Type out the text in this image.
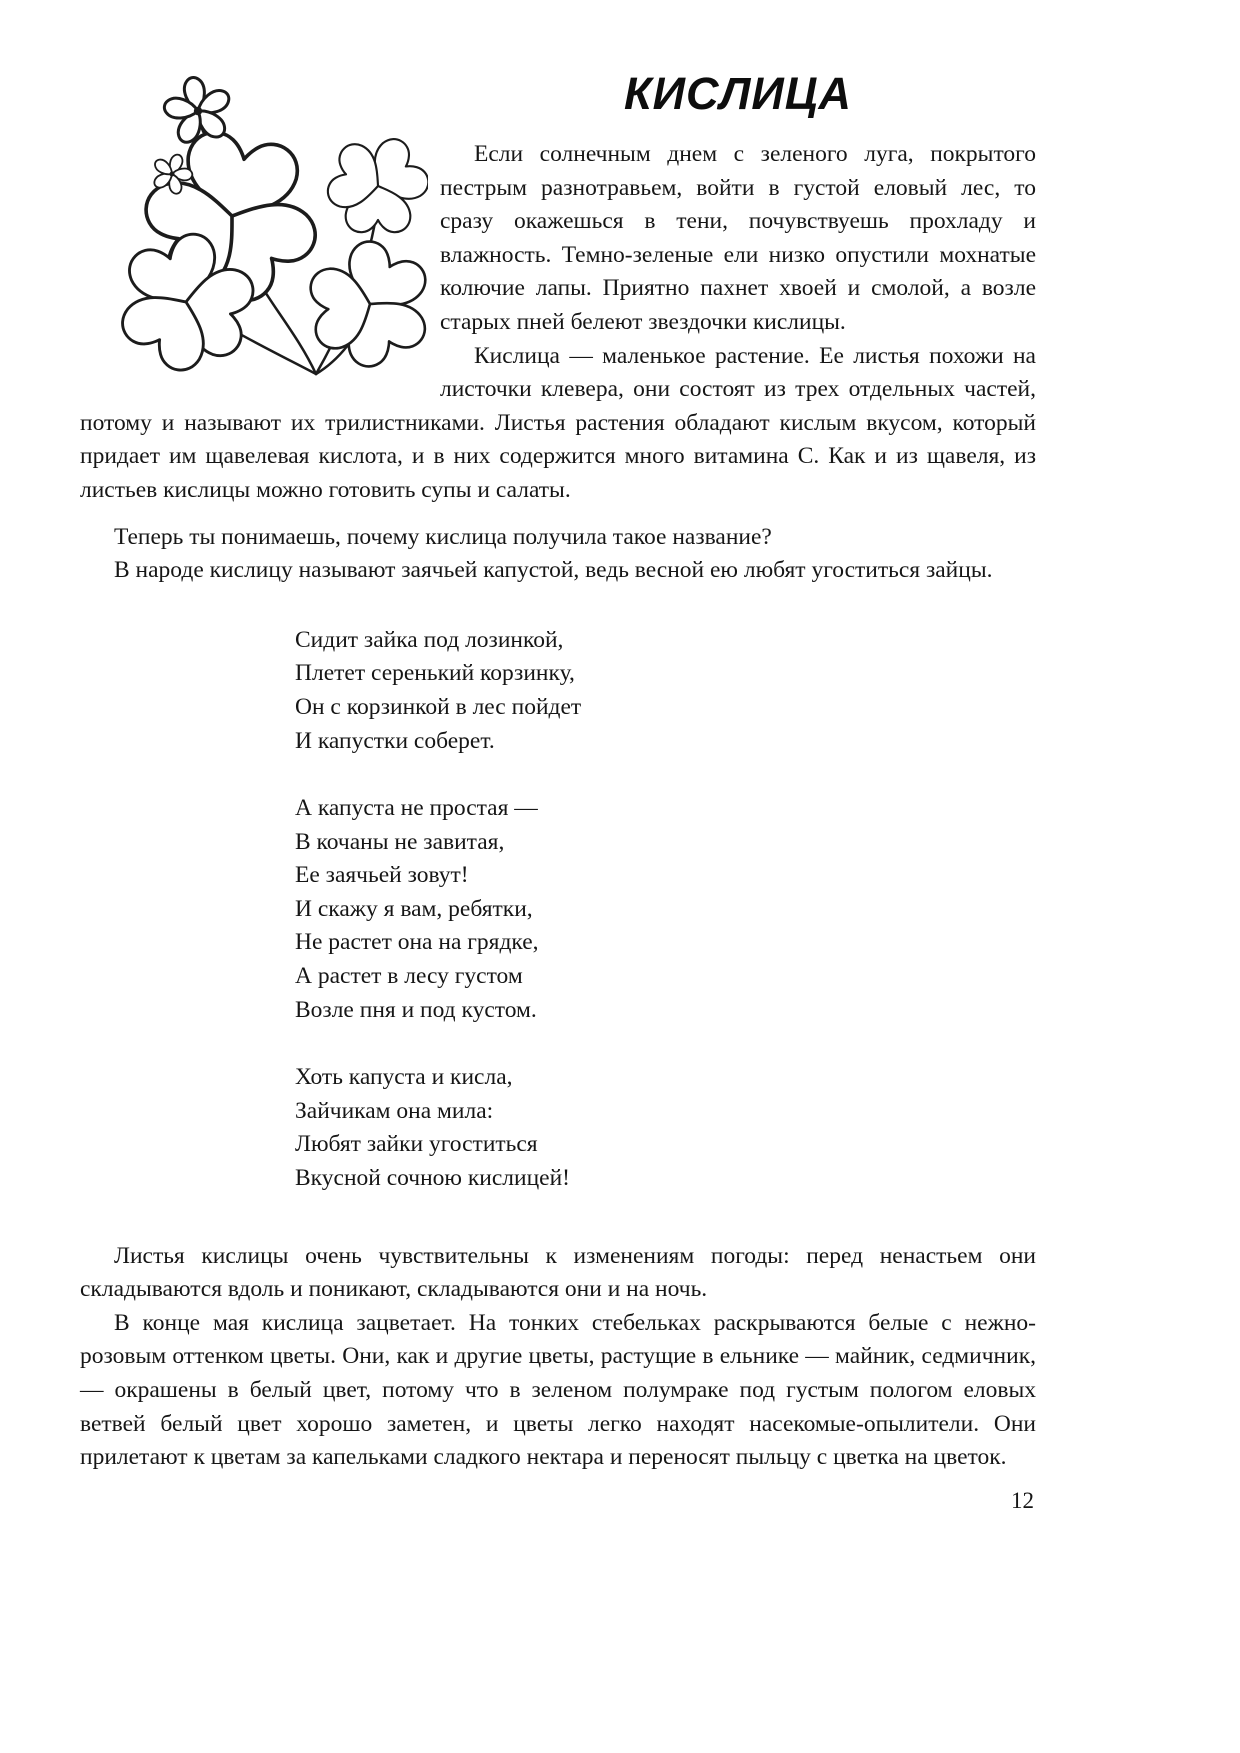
КИСЛИЦА

Если солнечным днем с зеленого луга, покрытого пестрым разнотравьем, войти в густой еловый лес, то сразу окажешься в тени, почувствуешь прохладу и влажность. Темно-зеленые ели низко опустили мохнатые колючие лапы. Приятно пахнет хвоей и смолой, а возле старых пней белеют звездочки кислицы.

Кислица — маленькое растение. Ее листья похожи на листочки клевера, они состоят из трех отдельных частей, потому и называют их трилистниками. Листья растения обладают кислым вкусом, который придает им щавелевая кислота, и в них содержится много витамина С. Как и из щавеля, из листьев кислицы можно готовить супы и салаты.

Теперь ты понимаешь, почему кислица получила такое название?

В народе кислицу называют заячьей капустой, ведь весной ею любят угоститься зайцы.

Сидит зайка под лозинкой,
Плетет серенький корзинку,
Он с корзинкой в лес пойдет
И капустки соберет.
А капуста не простая —
В кочаны не завитая,
Ее заячьей зовут!
И скажу я вам, ребятки,
Не растет она на грядке,
А растет в лесу густом
Возле пня и под кустом.
Хоть капуста и кисла,
Зайчикам она мила:
Любят зайки угоститься
Вкусной сочною кислицей!

Листья кислицы очень чувствительны к изменениям погоды: перед ненастьем они складываются вдоль и поникают, складываются они и на ночь.

В конце мая кислица зацветает. На тонких стебельках раскрываются белые с нежно-розовым оттенком цветы. Они, как и другие цветы, растущие в ельнике — майник, седмичник, — окрашены в белый цвет, потому что в зеленом полумраке под густым пологом еловых ветвей белый цвет хорошо заметен, и цветы легко находят насекомые-опылители. Они прилетают к цветам за капельками сладкого нектара и переносят пыльцу с цветка на цветок.

12
